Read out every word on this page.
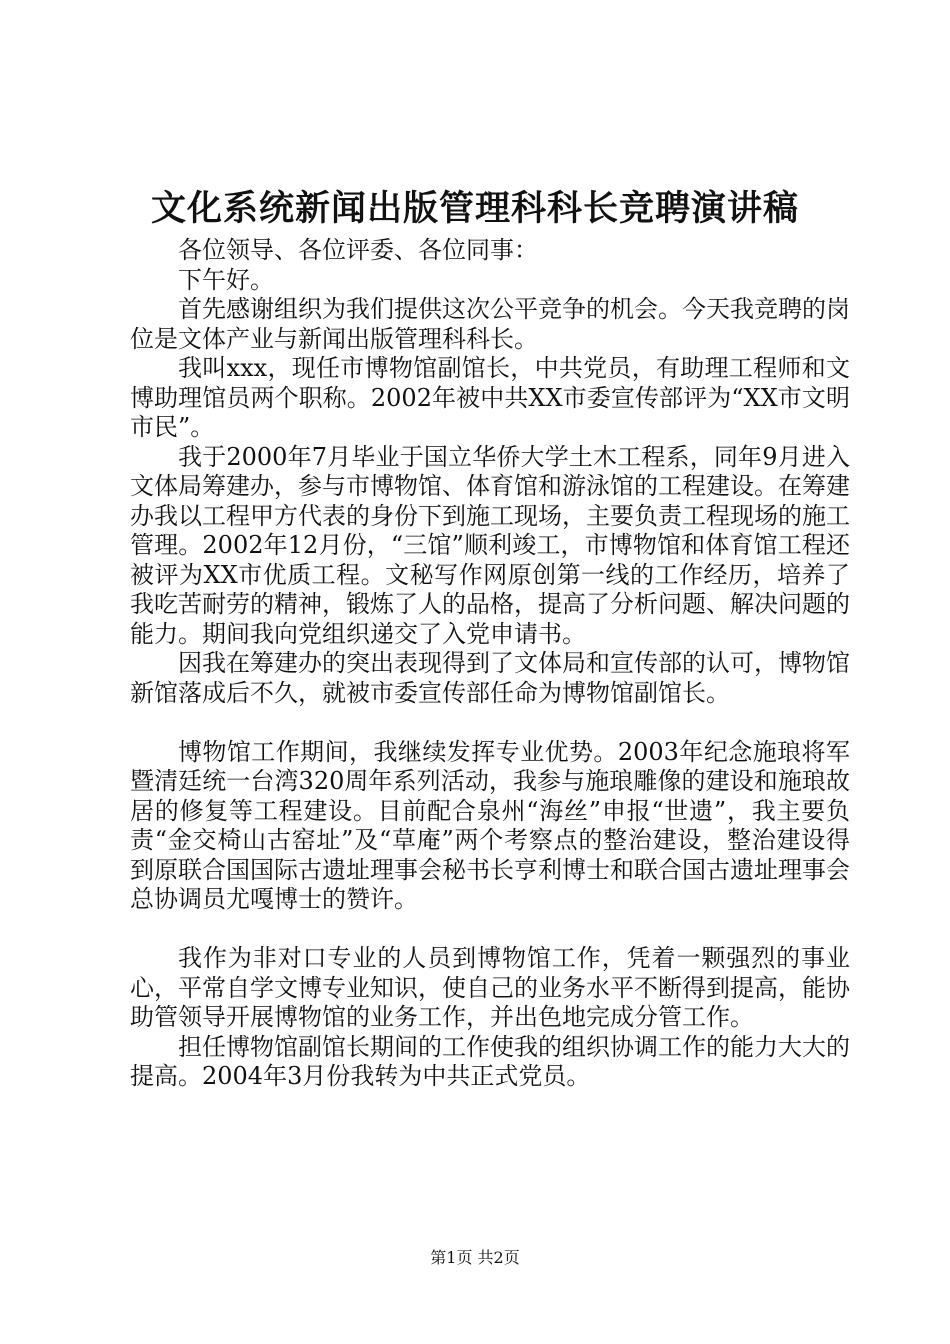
文化系统新闻出版管理科科长竞聘演讲稿

各位领导、各位评委、各位同事：

下午好。

首先感谢组织为我们提供这次公平竞争的机会。今天我竞聘的岗位是文体产业与新闻出版管理科科长。

我叫xxx，现任市博物馆副馆长，中共党员，有助理工程师和文博助理馆员两个职称。2002年被中共XX市委宣传部评为“XX市文明市民”。

我于2000年7月毕业于国立华侨大学土木工程系，同年9月进入文体局筹建办，参与市博物馆、体育馆和游泳馆的工程建设。在筹建办我以工程甲方代表的身份下到施工现场，主要负责工程现场的施工管理。2002年12月份，“三馆”顺利竣工，市博物馆和体育馆工程还被评为XX市优质工程。文秘写作网原创第一线的工作经历，培养了我吃苦耐劳的精神，锻炼了人的品格，提高了分析问题、解决问题的能力。期间我向党组织递交了入党申请书。

因我在筹建办的突出表现得到了文体局和宣传部的认可，博物馆新馆落成后不久，就被市委宣传部任命为博物馆副馆长。

博物馆工作期间，我继续发挥专业优势。2003年纪念施琅将军暨清廷统一台湾320周年系列活动，我参与施琅雕像的建设和施琅故居的修复等工程建设。目前配合泉州“海丝”申报“世遗”，我主要负责“金交椅山古窑址”及“草庵”两个考察点的整治建设，整治建设得到原联合国国际古遗址理事会秘书长亨利博士和联合国古遗址理事会总协调员尤嘎博士的赞许。

我作为非对口专业的人员到博物馆工作，凭着一颗强烈的事业心，平常自学文博专业知识，使自己的业务水平不断得到提高，能协助管领导开展博物馆的业务工作，并出色地完成分管工作。

担任博物馆副馆长期间的工作使我的组织协调工作的能力大大的提高。2004年3月份我转为中共正式党员。

第1页 共2页
